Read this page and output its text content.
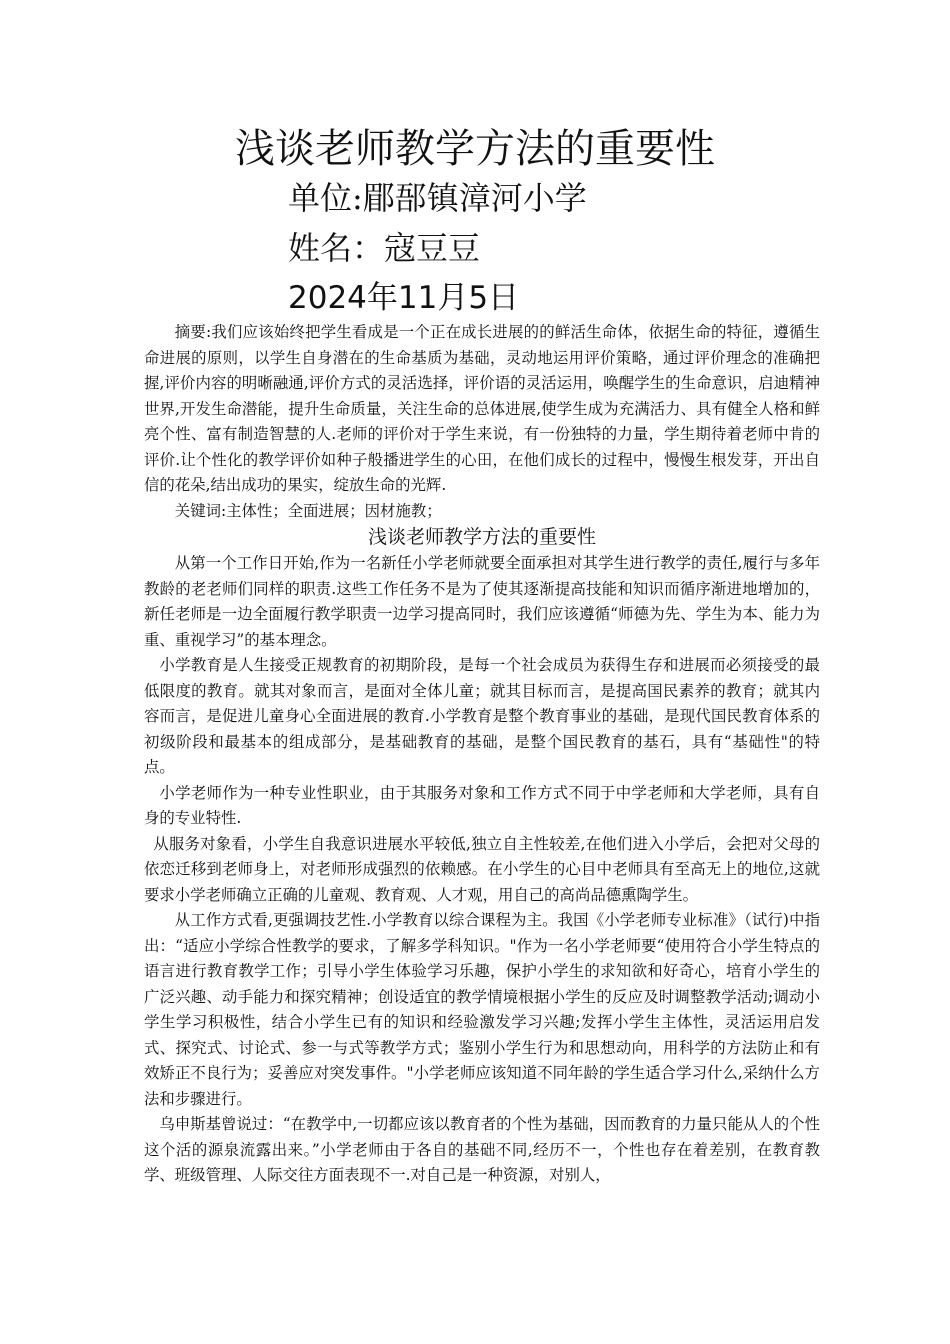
浅谈老师教学方法的重要性
单位:郿郚镇漳河小学
姓名：寇豆豆
2024年11月5日

摘要:我们应该始终把学生看成是一个正在成长进展的的鲜活生命体，依据生命的特征，遵循生命进展的原则，以学生自身潜在的生命基质为基础，灵动地运用评价策略，通过评价理念的准确把握,评价内容的明晰融通,评价方式的灵活选择，评价语的灵活运用，唤醒学生的生命意识，启迪精神世界,开发生命潜能，提升生命质量，关注生命的总体进展,使学生成为充满活力、具有健全人格和鲜亮个性、富有制造智慧的人.老师的评价对于学生来说，有一份独特的力量，学生期待着老师中肯的评价.让个性化的教学评价如种子般播进学生的心田，在他们成长的过程中，慢慢生根发芽，开出自信的花朵,结出成功的果实，绽放生命的光辉.

关键词:主体性；全面进展；因材施教；

浅谈老师教学方法的重要性

从第一个工作日开始,作为一名新任小学老师就要全面承担对其学生进行教学的责任,履行与多年教龄的老老师们同样的职责.这些工作任务不是为了使其逐渐提高技能和知识而循序渐进地增加的，新任老师是一边全面履行教学职责一边学习提高同时，我们应该遵循“师德为先、学生为本、能力为重、重视学习”的基本理念。

小学教育是人生接受正规教育的初期阶段，是每一个社会成员为获得生存和进展而必须接受的最低限度的教育。就其对象而言，是面对全体儿童；就其目标而言，是提高国民素养的教育；就其内容而言，是促进儿童身心全面进展的教育.小学教育是整个教育事业的基础，是现代国民教育体系的初级阶段和最基本的组成部分，是基础教育的基础，是整个国民教育的基石，具有“基础性"的特点。

小学老师作为一种专业性职业，由于其服务对象和工作方式不同于中学老师和大学老师，具有自身的专业特性.

从服务对象看，小学生自我意识进展水平较低,独立自主性较差,在他们进入小学后，会把对父母的依恋迁移到老师身上，对老师形成强烈的依赖感。在小学生的心目中老师具有至高无上的地位,这就要求小学老师确立正确的儿童观、教育观、人才观，用自己的高尚品德熏陶学生。

从工作方式看,更强调技艺性.小学教育以综合课程为主。我国《小学老师专业标准》（试行)中指出：“适应小学综合性教学的要求，了解多学科知识。"作为一名小学老师要“使用符合小学生特点的语言进行教育教学工作；引导小学生体验学习乐趣，保护小学生的求知欲和好奇心，培育小学生的广泛兴趣、动手能力和探究精神；创设适宜的教学情境根据小学生的反应及时调整教学活动;调动小学生学习积极性，结合小学生已有的知识和经验激发学习兴趣;发挥小学生主体性，灵活运用启发式、探究式、讨论式、参一与式等教学方式；鉴别小学生行为和思想动向，用科学的方法防止和有效矫正不良行为；妥善应对突发事件。"小学老师应该知道不同年龄的学生适合学习什么,采纳什么方法和步骤进行。

乌申斯基曾说过：“在教学中,一切都应该以教育者的个性为基础，因而教育的力量只能从人的个性这个活的源泉流露出来。”小学老师由于各自的基础不同,经历不一，个性也存在着差别，在教育教学、班级管理、人际交往方面表现不一.对自己是一种资源，对别人，
